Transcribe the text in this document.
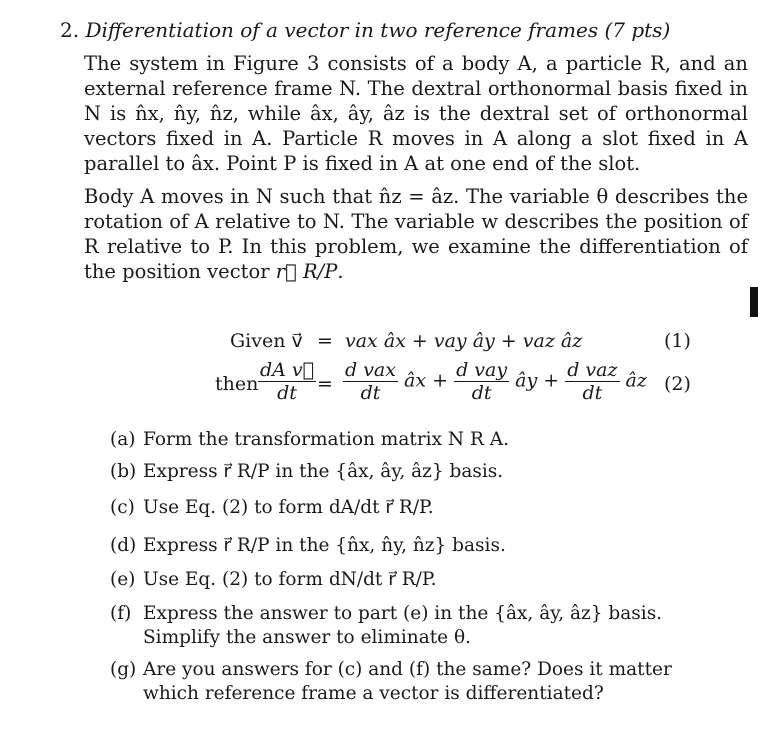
2. Differentiation of a vector in two reference frames (7 pts)
The system in Figure 3 consists of a body A, a particle R, and an external reference frame N. The dextral orthonormal basis fixed in N is n̂x, n̂y, n̂z, while âx, ây, âz is the dextral set of orthonormal vectors fixed in A. Particle R moves in A along a slot fixed in A parallel to âx. Point P is fixed in A at one end of the slot.
Body A moves in N such that n̂z = âz. The variable θ describes the rotation of A relative to N. The variable w describes the position of R relative to P. In this problem, we examine the differentiation of the position vector r⃗ R/P.
Given v⃗ = vax âx + vay ây + vaz âz	(1)
then $\frac{\text{dA v⃗}}{dt} = \frac{\text{d vax}}{dt}$ âx + $\frac{\text{d vay}}{dt}$ ây + $\frac{\text{d vaz}}{dt}$ âz (2)
(a) Form the transformation matrix N R A.
(b) Express r⃗ R/P in the {âx, ây, âz} basis.
(c) Use Eq. (2) to form dA/dt r⃗ R/P.
(d) Express r⃗ R/P in the {n̂x, n̂y, n̂z} basis.
(e) Use Eq. (2) to form dN/dt r⃗ R/P.
(f) Express the answer to part (e) in the {âx, ây, âz} basis. Simplify the answer to eliminate θ.
(g) Are you answers for (c) and (f) the same? Does it matter which reference frame a vector is differentiated?
